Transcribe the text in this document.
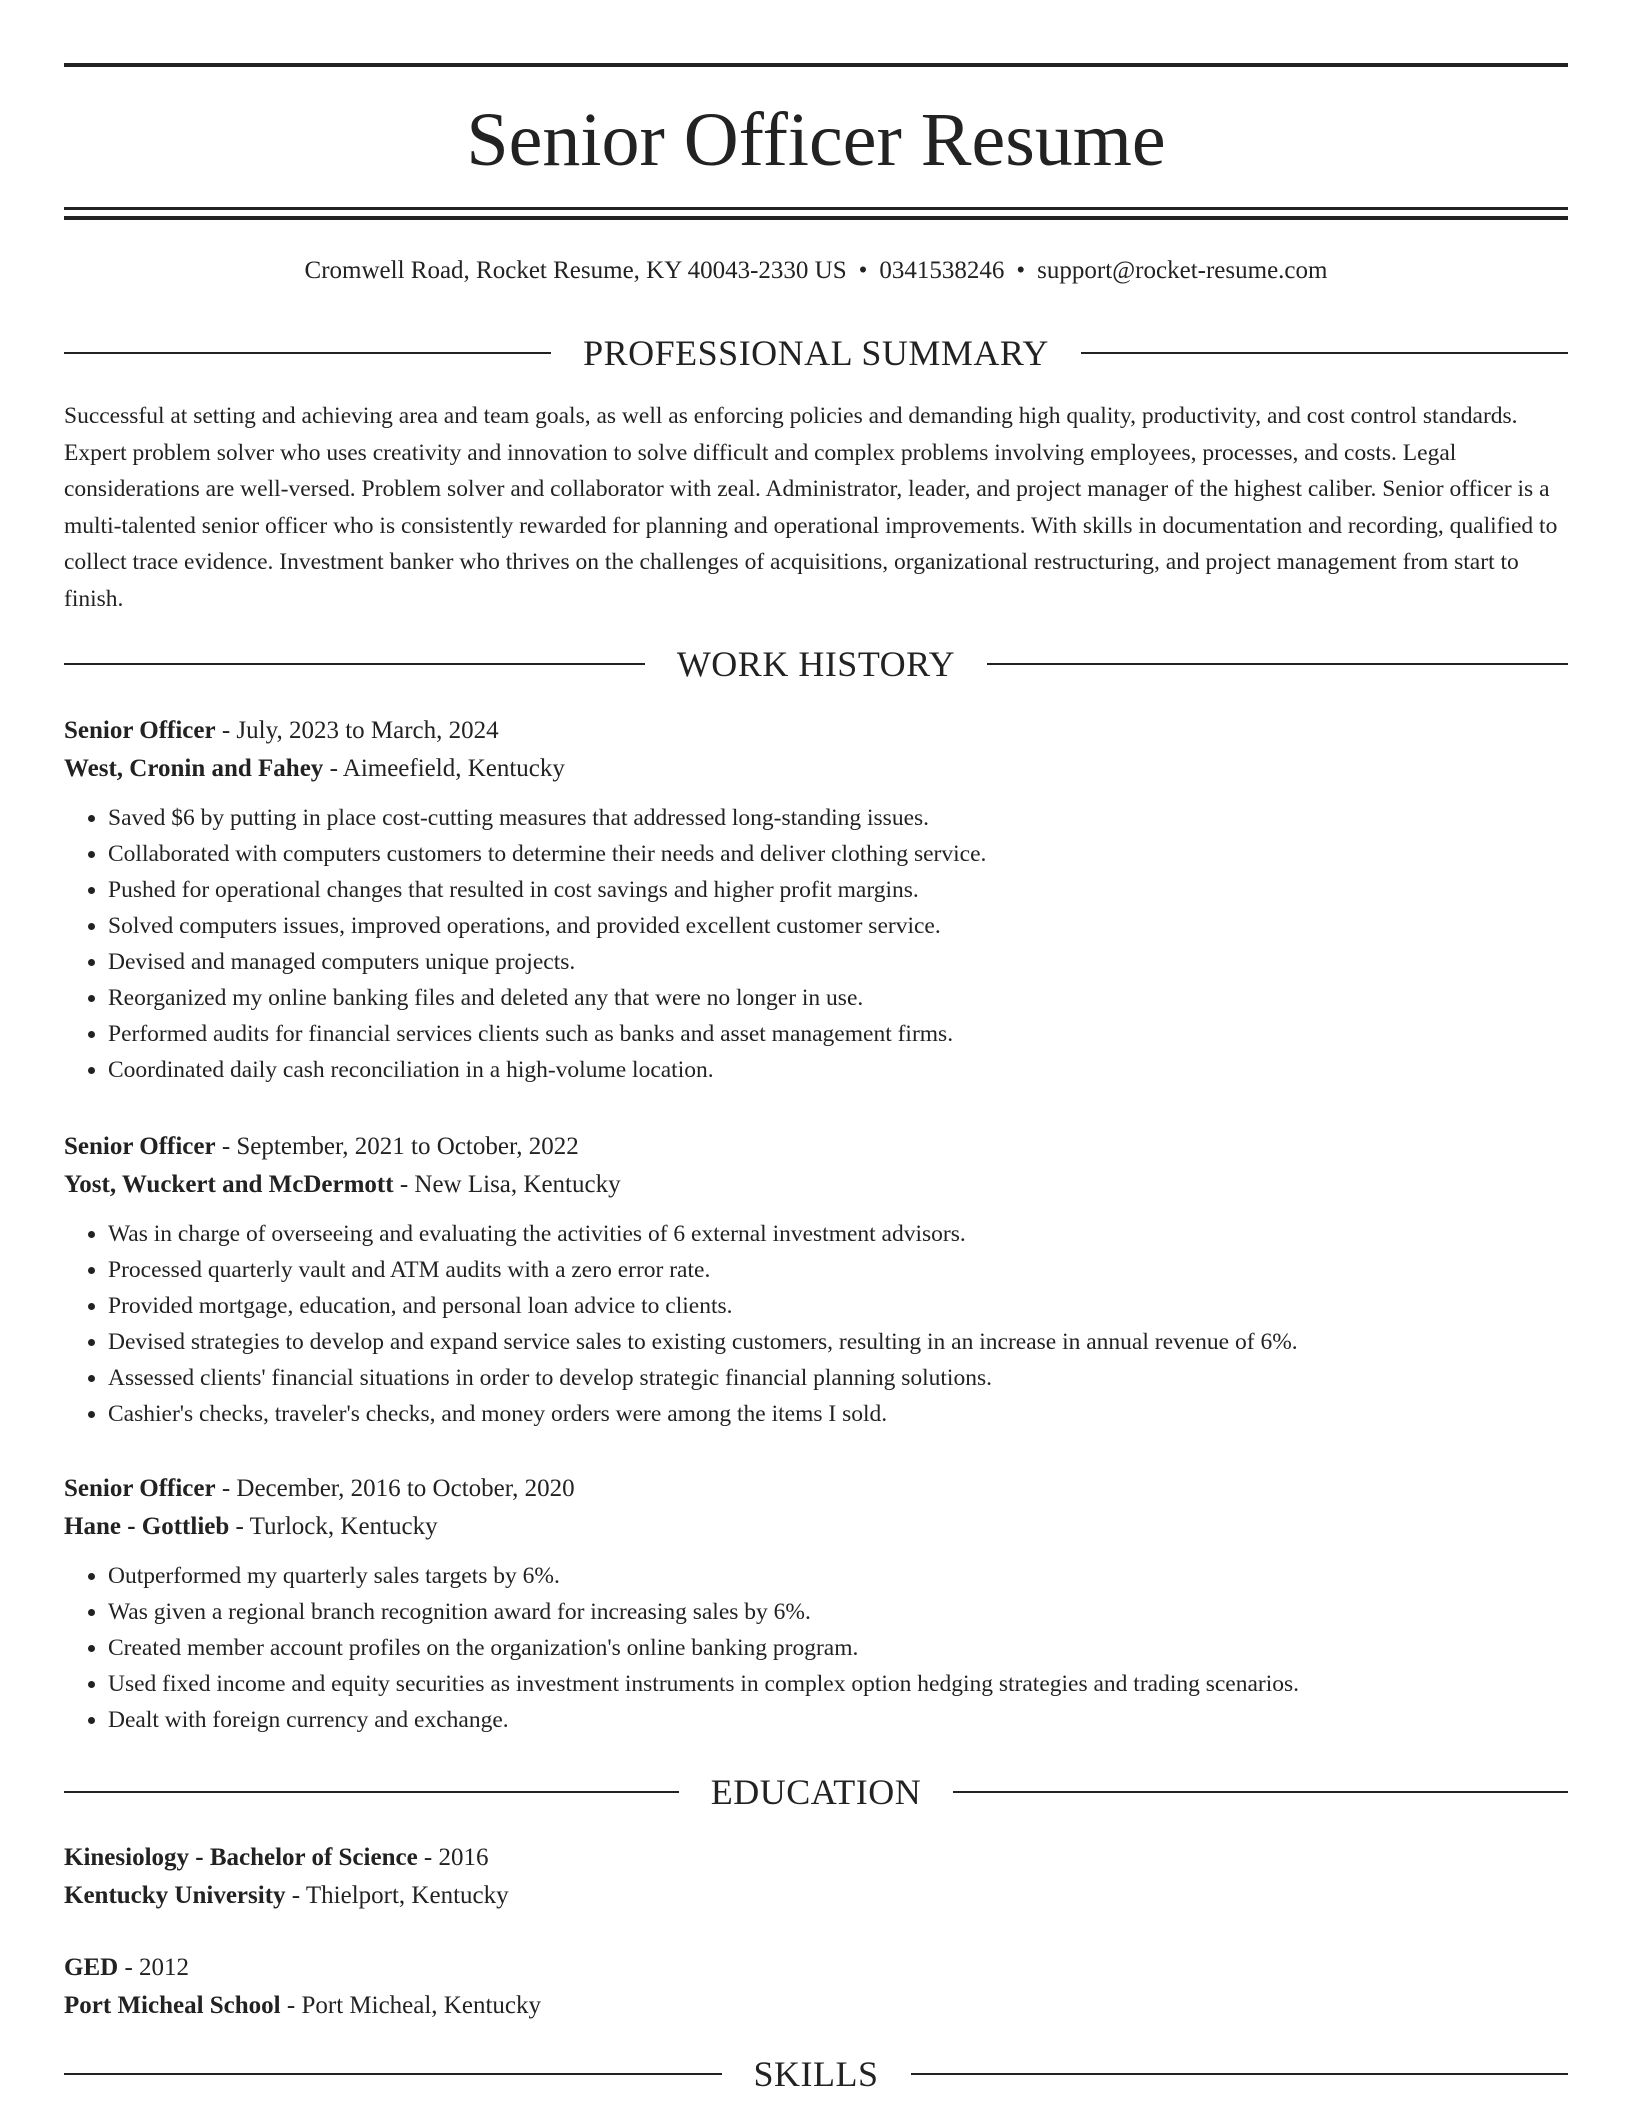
Senior Officer Resume
Cromwell Road, Rocket Resume, KY 40043-2330 US • 0341538246 • support@rocket-resume.com
PROFESSIONAL SUMMARY

Successful at setting and achieving area and team goals, as well as enforcing policies and demanding high quality, productivity, and cost control standards. Expert problem solver who uses creativity and innovation to solve difficult and complex problems involving employees, processes, and costs. Legal considerations are well-versed. Problem solver and collaborator with zeal. Administrator, leader, and project manager of the highest caliber. Senior officer is a multi-talented senior officer who is consistently rewarded for planning and operational improvements. With skills in documentation and recording, qualified to collect trace evidence. Investment banker who thrives on the challenges of acquisitions, organizational restructuring, and project management from start to finish.

WORK HISTORY
Senior Officer - July, 2023 to March, 2024
West, Cronin and Fahey - Aimeefield, Kentucky
• Saved $6 by putting in place cost-cutting measures that addressed long-standing issues.
• Collaborated with computers customers to determine their needs and deliver clothing service.
• Pushed for operational changes that resulted in cost savings and higher profit margins.
• Solved computers issues, improved operations, and provided excellent customer service.
• Devised and managed computers unique projects.
• Reorganized my online banking files and deleted any that were no longer in use.
• Performed audits for financial services clients such as banks and asset management firms.
• Coordinated daily cash reconciliation in a high-volume location.
Senior Officer - September, 2021 to October, 2022
Yost, Wuckert and McDermott - New Lisa, Kentucky
• Was in charge of overseeing and evaluating the activities of 6 external investment advisors.
• Processed quarterly vault and ATM audits with a zero error rate.
• Provided mortgage, education, and personal loan advice to clients.
• Devised strategies to develop and expand service sales to existing customers, resulting in an increase in annual revenue of 6%.
• Assessed clients' financial situations in order to develop strategic financial planning solutions.
• Cashier's checks, traveler's checks, and money orders were among the items I sold.
Senior Officer - December, 2016 to October, 2020
Hane - Gottlieb - Turlock, Kentucky
• Outperformed my quarterly sales targets by 6%.
• Was given a regional branch recognition award for increasing sales by 6%.
• Created member account profiles on the organization's online banking program.
• Used fixed income and equity securities as investment instruments in complex option hedging strategies and trading scenarios.
• Dealt with foreign currency and exchange.
EDUCATION
Kinesiology - Bachelor of Science - 2016
Kentucky University - Thielport, Kentucky
GED - 2012
Port Micheal School - Port Micheal, Kentucky
SKILLS
